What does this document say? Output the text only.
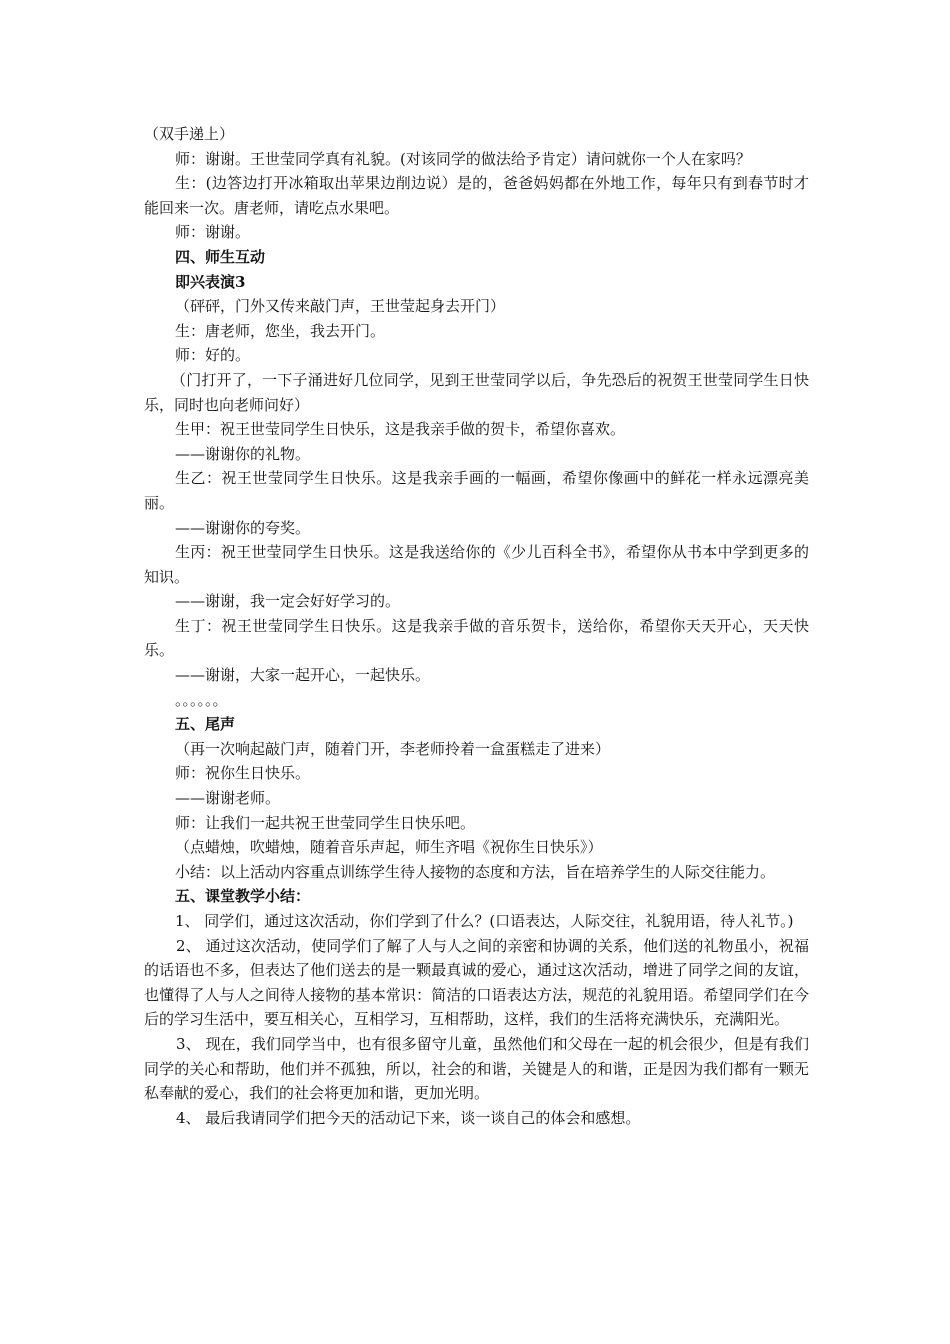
（双手递上）

师：谢谢。王世莹同学真有礼貌。(对该同学的做法给予肯定）请问就你一个人在家吗？

生：(边答边打开冰箱取出苹果边削边说）是的，爸爸妈妈都在外地工作，每年只有到春节时才能回来一次。唐老师，请吃点水果吧。

师：谢谢。

四、师生互动

即兴表演3

（砰砰，门外又传来敲门声，王世莹起身去开门）

生：唐老师，您坐，我去开门。

师：好的。

（门打开了，一下子涌进好几位同学，见到王世莹同学以后，争先恐后的祝贺王世莹同学生日快乐，同时也向老师问好）

生甲：祝王世莹同学生日快乐，这是我亲手做的贺卡，希望你喜欢。

——谢谢你的礼物。

生乙：祝王世莹同学生日快乐。这是我亲手画的一幅画，希望你像画中的鲜花一样永远漂亮美丽。

——谢谢你的夸奖。

生丙：祝王世莹同学生日快乐。这是我送给你的《少儿百科全书》，希望你从书本中学到更多的知识。

——谢谢，我一定会好好学习的。

生丁：祝王世莹同学生日快乐。这是我亲手做的音乐贺卡，送给你，希望你天天开心，天天快乐。

——谢谢，大家一起开心，一起快乐。

。。。。。。

五、尾声

（再一次响起敲门声，随着门开，李老师拎着一盒蛋糕走了进来）

师：祝你生日快乐。

——谢谢老师。

师：让我们一起共祝王世莹同学生日快乐吧。

（点蜡烛，吹蜡烛，随着音乐声起，师生齐唱《祝你生日快乐》）

小结：以上活动内容重点训练学生待人接物的态度和方法，旨在培养学生的人际交往能力。

五、课堂教学小结：

1、 同学们，通过这次活动，你们学到了什么？(口语表达，人际交往，礼貌用语，待人礼节。)

2、 通过这次活动，使同学们了解了人与人之间的亲密和协调的关系，他们送的礼物虽小，祝福的话语也不多，但表达了他们送去的是一颗最真诚的爱心，通过这次活动，增进了同学之间的友谊，也懂得了人与人之间待人接物的基本常识：简洁的口语表达方法，规范的礼貌用语。希望同学们在今后的学习生活中，要互相关心，互相学习，互相帮助，这样，我们的生活将充满快乐，充满阳光。

3、 现在，我们同学当中，也有很多留守儿童，虽然他们和父母在一起的机会很少，但是有我们同学的关心和帮助，他们并不孤独，所以，社会的和谐，关键是人的和谐，正是因为我们都有一颗无私奉献的爱心，我们的社会将更加和谐，更加光明。

4、 最后我请同学们把今天的活动记下来，谈一谈自己的体会和感想。
